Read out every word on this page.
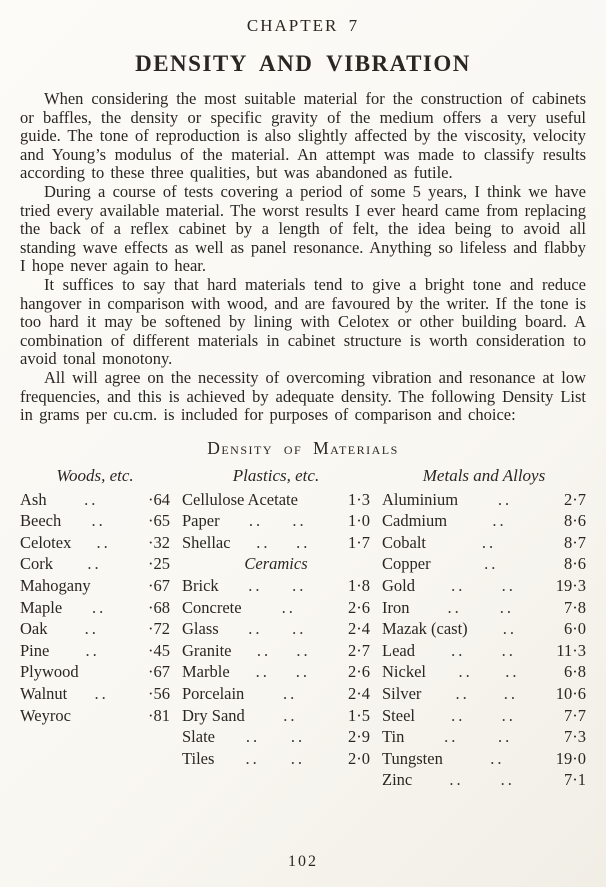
CHAPTER 7
DENSITY AND VIBRATION

When considering the most suitable material for the construction of cabinets or baffles, the density or specific gravity of the medium offers a very useful guide. The tone of reproduction is also slightly affected by the viscosity, velocity and Young’s modulus of the material. An attempt was made to classify results according to these three qualities, but was abandoned as futile.

During a course of tests covering a period of some 5 years, I think we have tried every available material. The worst results I ever heard came from replacing the back of a reflex cabinet by a length of felt, the idea being to avoid all standing wave effects as well as panel resonance. Anything so lifeless and flabby I hope never again to hear.

It suffices to say that hard materials tend to give a bright tone and reduce hangover in comparison with wood, and are favoured by the writer. If the tone is too hard it may be softened by lining with Celotex or other building board. A combination of different materials in cabinet structure is worth consideration to avoid tonal monotony.

All will agree on the necessity of overcoming vibration and resonance at low frequencies, and this is achieved by adequate density. The following Density List in grams per cu.cm. is included for purposes of comparison and choice:

Density of Materials
Woods, etc.
Ash ..	·64
Beech ..	·65
Celotex ..	·32
Cork ..	·25
Mahogany	·67
Maple ..	·68
Oak ..	·72
Pine ..	·45
Plywood	·67
Walnut ..	·56
Weyroc	·81
Plastics, etc.
Cellulose Acetate	1·3
Paper .. ..	1·0
Shellac .. ..	1·7
Ceramics
Brick .. ..	1·8
Concrete ..	2·6
Glass .. ..	2·4
Granite .. ..	2·7
Marble .. ..	2·6
Porcelain ..	2·4
Dry Sand ..	1·5
Slate .. ..	2·9
Tiles .. ..	2·0
Metals and Alloys
Aluminium ..	2·7
Cadmium	..	8·6
Cobalt	..	8·7
Copper	..	8·6
Gold .. .. 19·3
Iron .. ..	7·8
Mazak (cast) ..	6·0
Lead .. .. 11·3
Nickel .. ..	6·8
Silver .. .. 10·6
Steel .. ..	7·7
Tin .. ..	7·3
Tungsten	..	19·0
Zinc .. ..	7·1
102
